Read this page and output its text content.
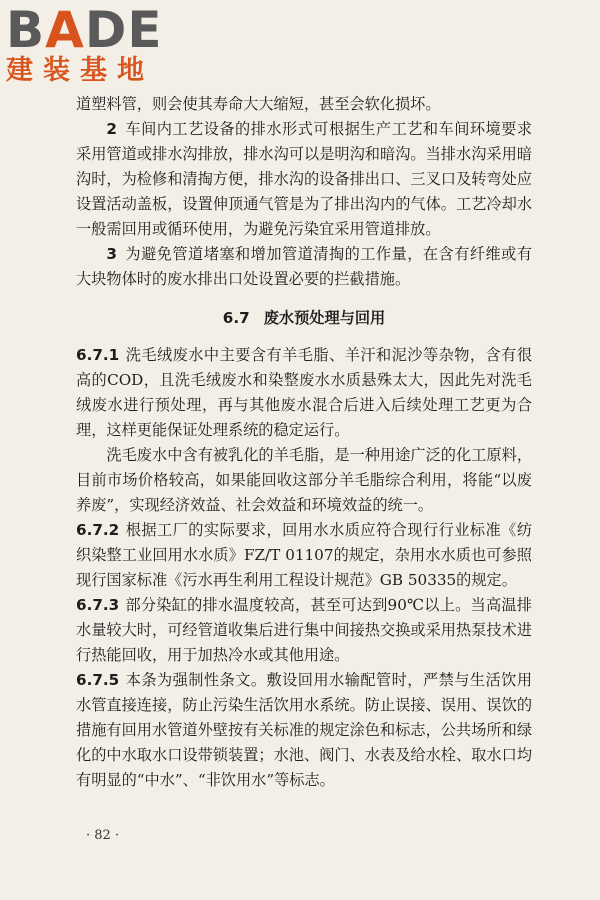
BADE
建装基地

道塑料管，则会使其寿命大大缩短，甚至会软化损坏。

2 车间内工艺设备的排水形式可根据生产工艺和车间环境要求采用管道或排水沟排放，排水沟可以是明沟和暗沟。当排水沟采用暗沟时，为检修和清掏方便，排水沟的设备排出口、三叉口及转弯处应设置活动盖板，设置伸顶通气管是为了排出沟内的气体。工艺冷却水一般需回用或循环使用，为避免污染宜采用管道排放。

3 为避免管道堵塞和增加管道清掏的工作量，在含有纤维或有大块物体时的废水排出口处设置必要的拦截措施。

6.7 废水预处理与回用

6.7.1 洗毛绒废水中主要含有羊毛脂、羊汗和泥沙等杂物，含有很高的COD，且洗毛绒废水和染整废水水质悬殊太大，因此先对洗毛绒废水进行预处理，再与其他废水混合后进入后续处理工艺更为合理，这样更能保证处理系统的稳定运行。

洗毛废水中含有被乳化的羊毛脂，是一种用途广泛的化工原料，目前市场价格较高，如果能回收这部分羊毛脂综合利用，将能“以废养废”，实现经济效益、社会效益和环境效益的统一。

6.7.2 根据工厂的实际要求，回用水水质应符合现行行业标准《纺织染整工业回用水水质》FZ/T 01107的规定，杂用水水质也可参照现行国家标准《污水再生利用工程设计规范》GB 50335的规定。

6.7.3 部分染缸的排水温度较高，甚至可达到90℃以上。当高温排水量较大时，可经管道收集后进行集中间接热交换或采用热泵技术进行热能回收，用于加热冷水或其他用途。

6.7.5 本条为强制性条文。敷设回用水输配管时，严禁与生活饮用水管直接连接，防止污染生活饮用水系统。防止误接、误用、误饮的措施有回用水管道外壁按有关标准的规定涂色和标志，公共场所和绿化的中水取水口设带锁装置；水池、阀门、水表及给水栓、取水口均有明显的“中水”、“非饮用水”等标志。

· 82 ·
